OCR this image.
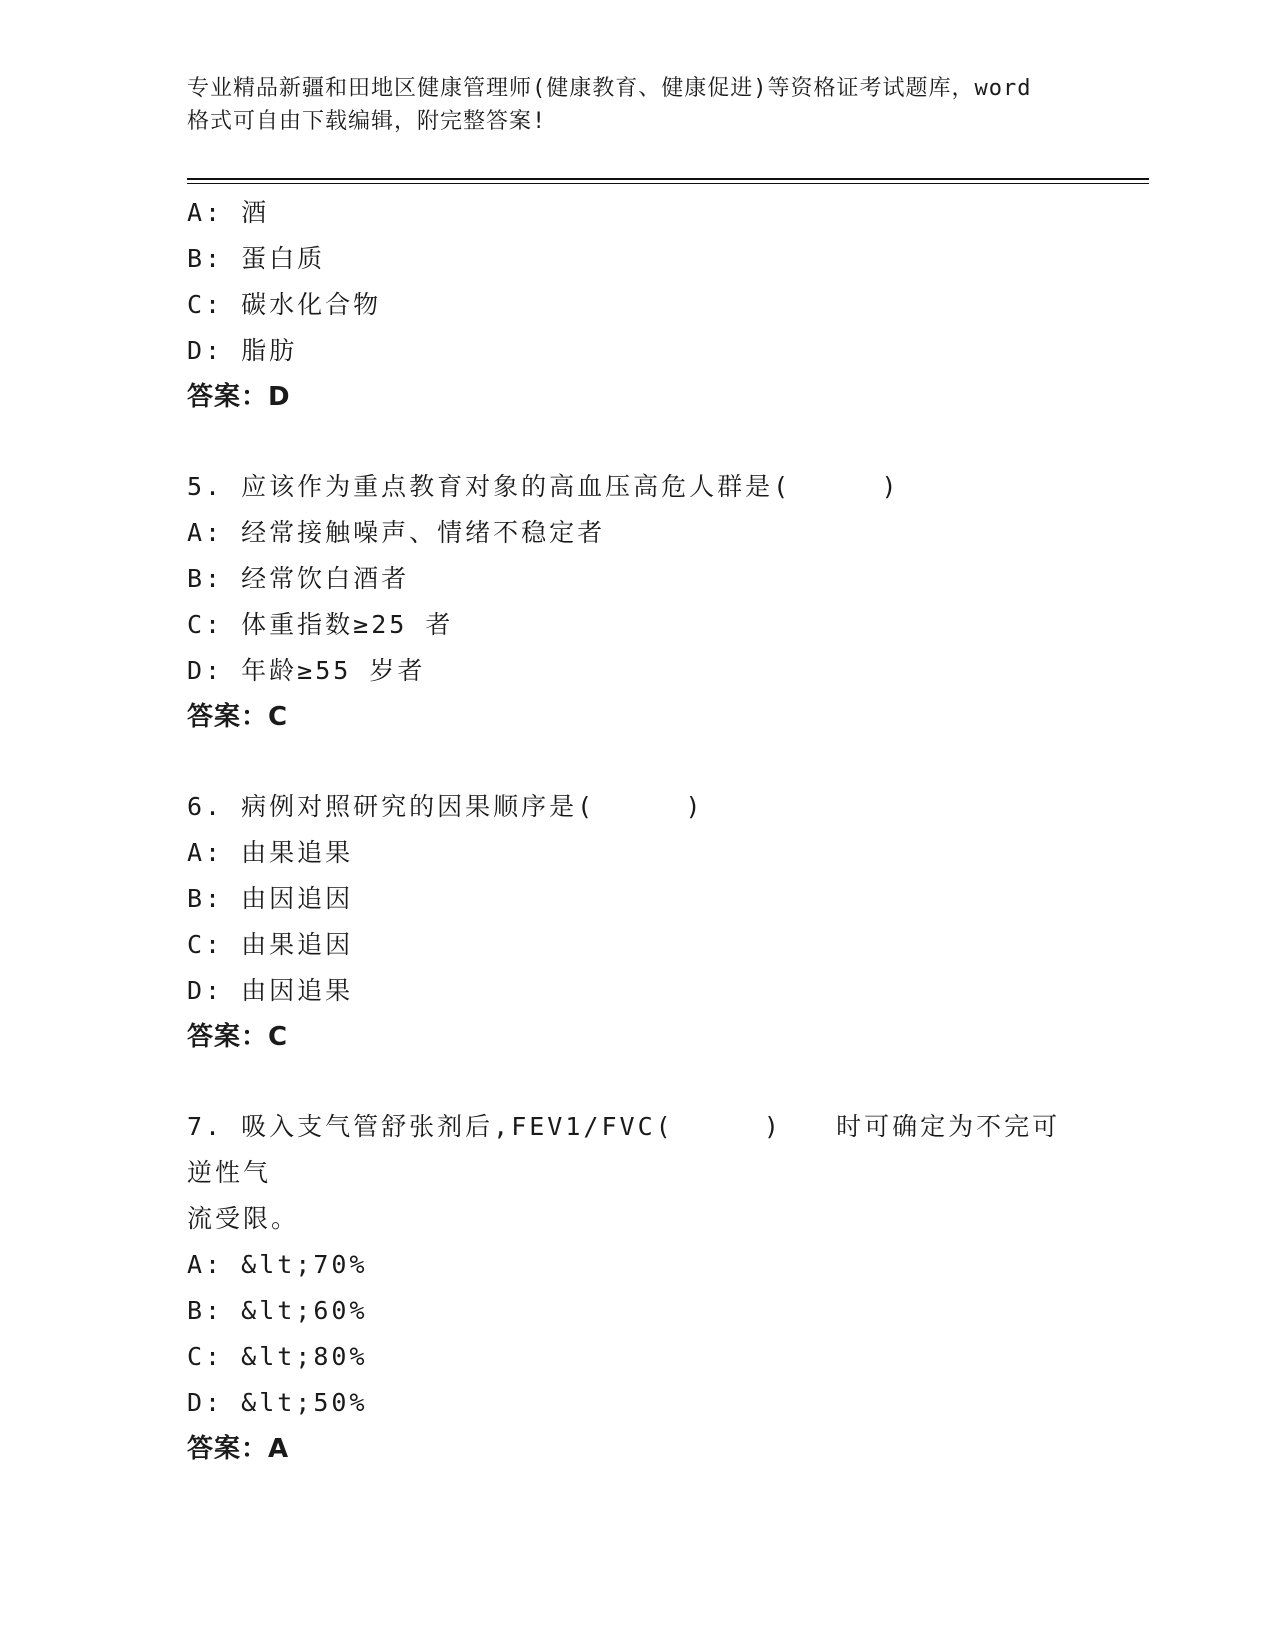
专业精品新疆和田地区健康管理师(健康教育、健康促进)等资格证考试题库，word
格式可自由下载编辑，附完整答案!
A: 酒
B: 蛋白质
C: 碳水化合物
D: 脂肪
答案：D
5. 应该作为重点教育对象的高血压高危人群是(     )
A: 经常接触噪声、情绪不稳定者
B: 经常饮白酒者
C: 体重指数≥25 者
D: 年龄≥55 岁者
答案：C
6. 病例对照研究的因果顺序是(     )
A: 由果追果
B: 由因追因
C: 由果追因
D: 由因追果
答案：C
7. 吸入支气管舒张剂后,FEV1/FVC(     )   时可确定为不完可逆性气
流受限。
A: &lt;70%
B: &lt;60%
C: &lt;80%
D: &lt;50%
答案：A
